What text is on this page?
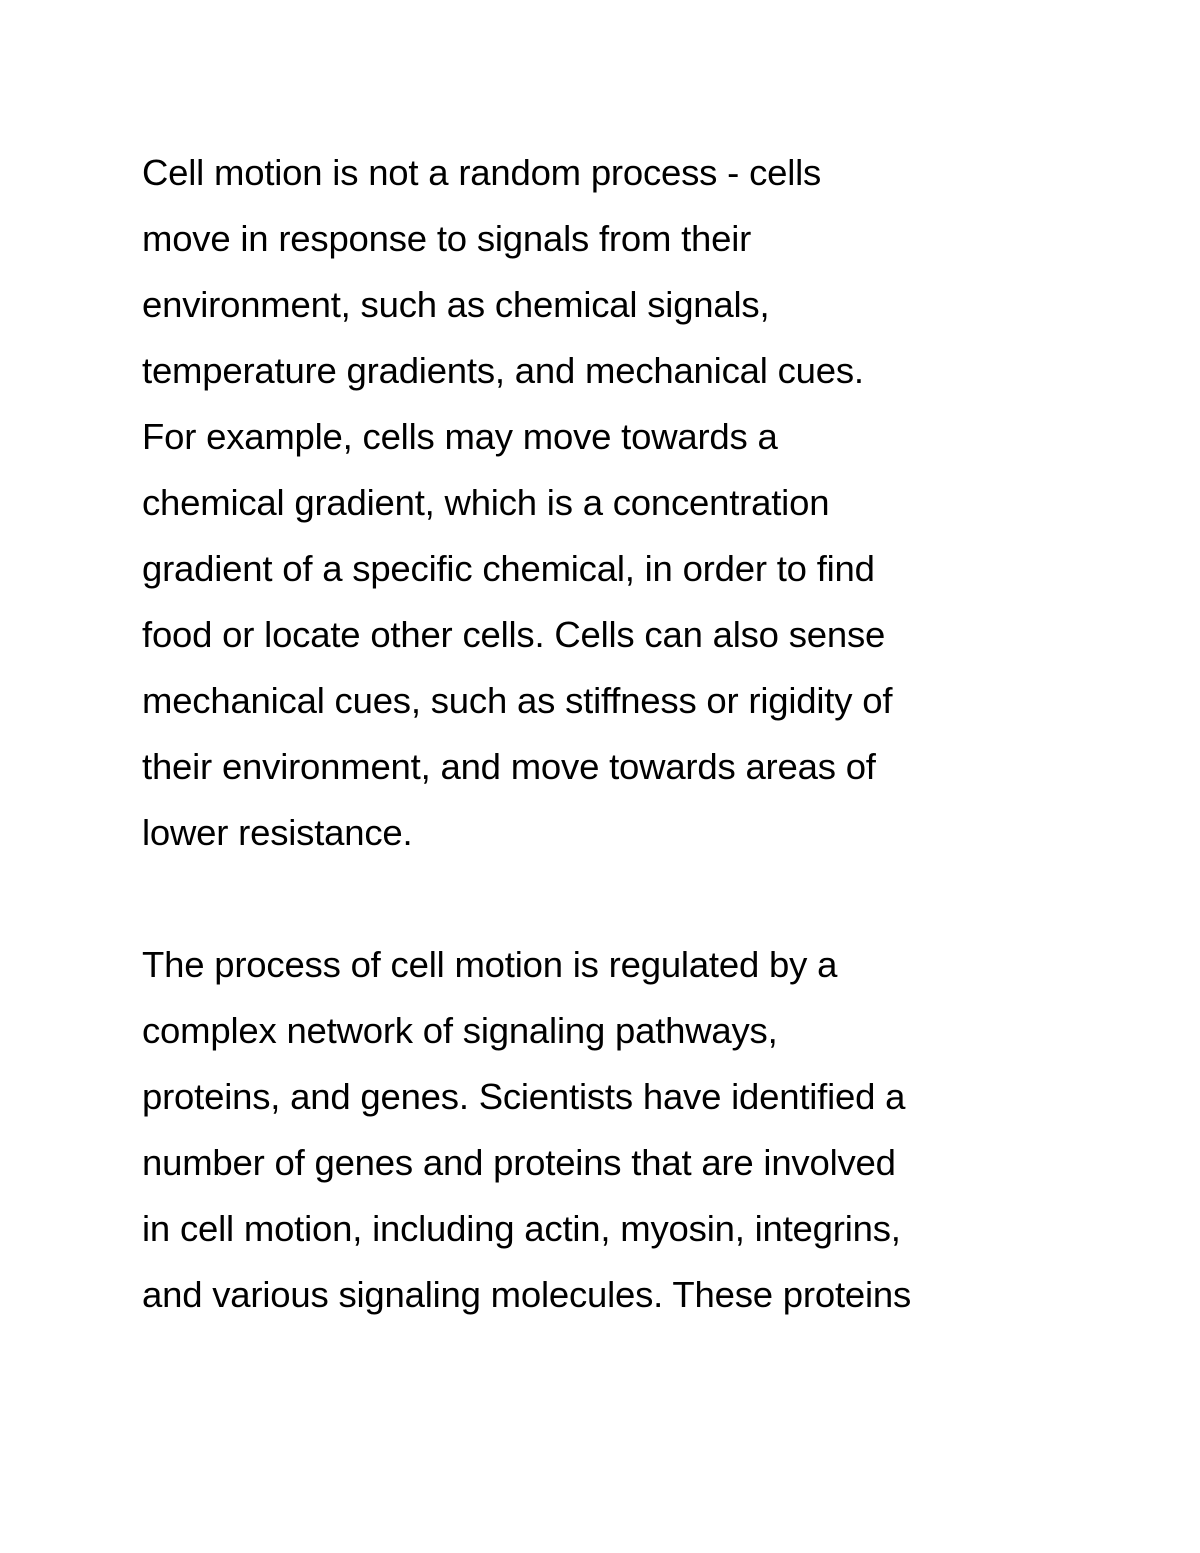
Cell motion is not a random process - cells
move in response to signals from their
environment, such as chemical signals,
temperature gradients, and mechanical cues.
For example, cells may move towards a
chemical gradient, which is a concentration
gradient of a specific chemical, in order to find
food or locate other cells. Cells can also sense
mechanical cues, such as stiffness or rigidity of
their environment, and move towards areas of
lower resistance.

The process of cell motion is regulated by a
complex network of signaling pathways,
proteins, and genes. Scientists have identified a
number of genes and proteins that are involved
in cell motion, including actin, myosin, integrins,
and various signaling molecules. These proteins
